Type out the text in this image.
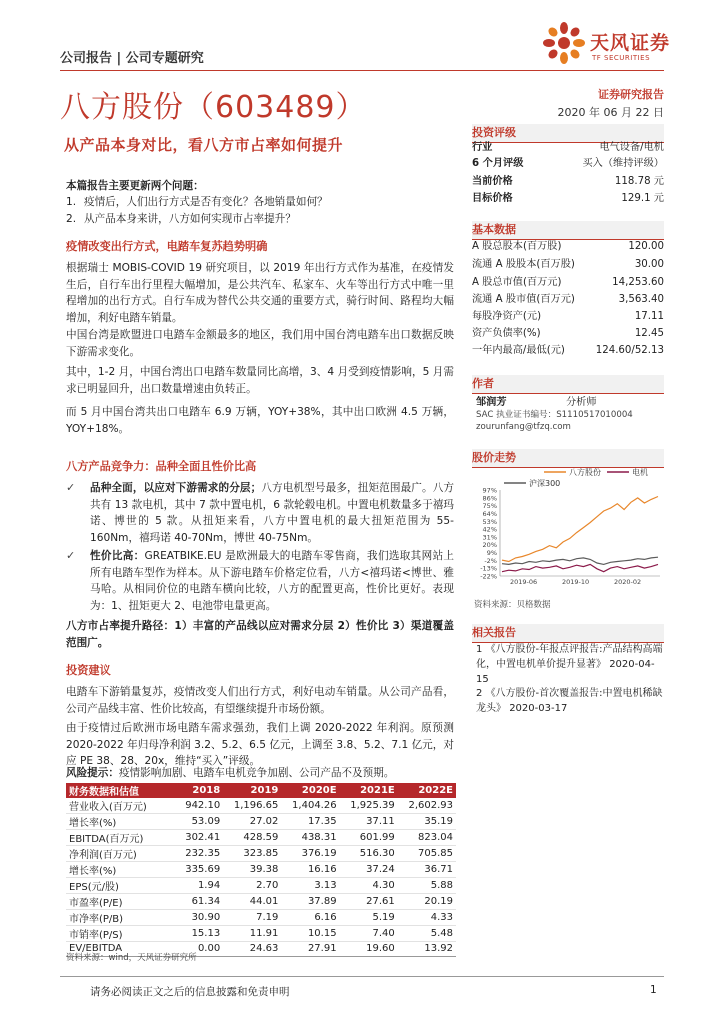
公司报告 | 公司专题研究
天风证券
TF SECURITIES
八方股份（603489）	证券研究报告
2020 年 06 月 22 日
从产品本身对比，看八方市占率如何提升
本篇报告主要更新两个问题：
1. 疫情后，人们出行方式是否有变化？各地销量如何？
2. 从产品本身来讲，八方如何实现市占率提升？
疫情改变出行方式，电踏车复苏趋势明确
根据瑞士 MOBIS-COVID 19 研究项目，以 2019 年出行方式作为基准，在疫情发生后，自行车出行里程大幅增加，是公共汽车、私家车、火车等出行方式中唯一里程增加的出行方式。自行车成为替代公共交通的重要方式，骑行时间、路程均大幅增加，利好电踏车销量。
中国台湾是欧盟进口电踏车金额最多的地区，我们用中国台湾电踏车出口数据反映下游需求变化。
其中，1-2 月，中国台湾出口电踏车数量同比高增，3、4 月受到疫情影响，5 月需求已明显回升，出口数量增速由负转正。
而 5 月中国台湾共出口电踏车 6.9 万辆，YOY+38%，其中出口欧洲 4.5 万辆，YOY+18%。
八方产品竞争力：品种全面且性价比高
✓	品种全面，以应对下游需求的分层；八方电机型号最多，扭矩范围最广。八方共有 13 款电机，其中 7 款中置电机，6 款轮毂电机。中置电机数量多于禧玛诺、博世的 5 款。从扭矩来看，八方中置电机的最大扭矩范围为 55-160Nm，禧玛诺 40-70Nm，博世 40-75Nm。
✓	性价比高：GREATBIKE.EU 是欧洲最大的电踏车零售商，我们选取其网站上所有电踏车型作为样本。从下游电踏车价格定位看，八方<禧玛诺<博世、雅马哈。从相同价位的电踏车横向比较，八方的配置更高，性价比更好。表现为：1、扭矩更大 2、电池带电量更高。
八方市占率提升路径：1）丰富的产品线以应对需求分层 2）性价比 3）渠道覆盖范围广。
投资建议
电踏车下游销量复苏，疫情改变人们出行方式，利好电动车销量。从公司产品看，公司产品线丰富、性价比较高，有望继续提升市场份额。
由于疫情过后欧洲市场电踏车需求强劲，我们上调 2020-2022 年利润。原预测 2020-2022 年归母净利润 3.2、5.2、6.5 亿元，上调至 3.8、5.2、7.1 亿元，对应 PE 38、28、20x，维持“买入”评级。
风险提示：疫情影响加剧、电踏车电机竞争加剧、公司产品不及预期。
财务数据和估值	2018	2019	2020E	2021E	2022E
营业收入(百万元)	942.10	1,196.65	1,404.26	1,925.39	2,602.93
增长率(%)	53.09	27.02	17.35	37.11	35.19
EBITDA(百万元)	302.41	428.59	438.31	601.99	823.04
净利润(百万元)	232.35	323.85	376.19	516.30	705.85
增长率(%)	335.69	39.38	16.16	37.24	36.71
EPS(元/股)	1.94	2.70	3.13	4.30	5.88
市盈率(P/E)	61.34	44.01	37.89	27.61	20.19
市净率(P/B)	30.90	7.19	6.16	5.19	4.33
市销率(P/S)	15.13	11.91	10.15	7.40	5.48
EV/EBITDA	0.00	24.63	27.91	19.60	13.92
资料来源：wind，天风证券研究所
投资评级
行业	电气设备/电机
6 个月评级	买入（维持评级）
当前价格	118.78 元
目标价格	129.1 元
基本数据
A 股总股本(百万股)	120.00
流通 A 股股本(百万股)	30.00
A 股总市值(百万元)	14,253.60
流通 A 股市值(百万元)	3,563.40
每股净资产(元)	17.11
资产负债率(%)	12.45
一年内最高/最低(元)	124.60/52.13
作者
邹润芳	分析师
SAC 执业证书编号：S1110517010004
zourunfang@tfzq.com
股价走势
八方股份	电机
沪深300
97%
86%
75%
64%
53%
42%
31%
20%
9%
-2%
-13%
-22%
2019-06	2019-10	2020-02
资料来源：贝格数据
相关报告
1 《八方股份-年报点评报告:产品结构高端化，中置电机单价提升显著》 2020-04-15
2 《八方股份-首次覆盖报告:中置电机稀缺龙头》 2020-03-17
请务必阅读正文之后的信息披露和免责申明	1
